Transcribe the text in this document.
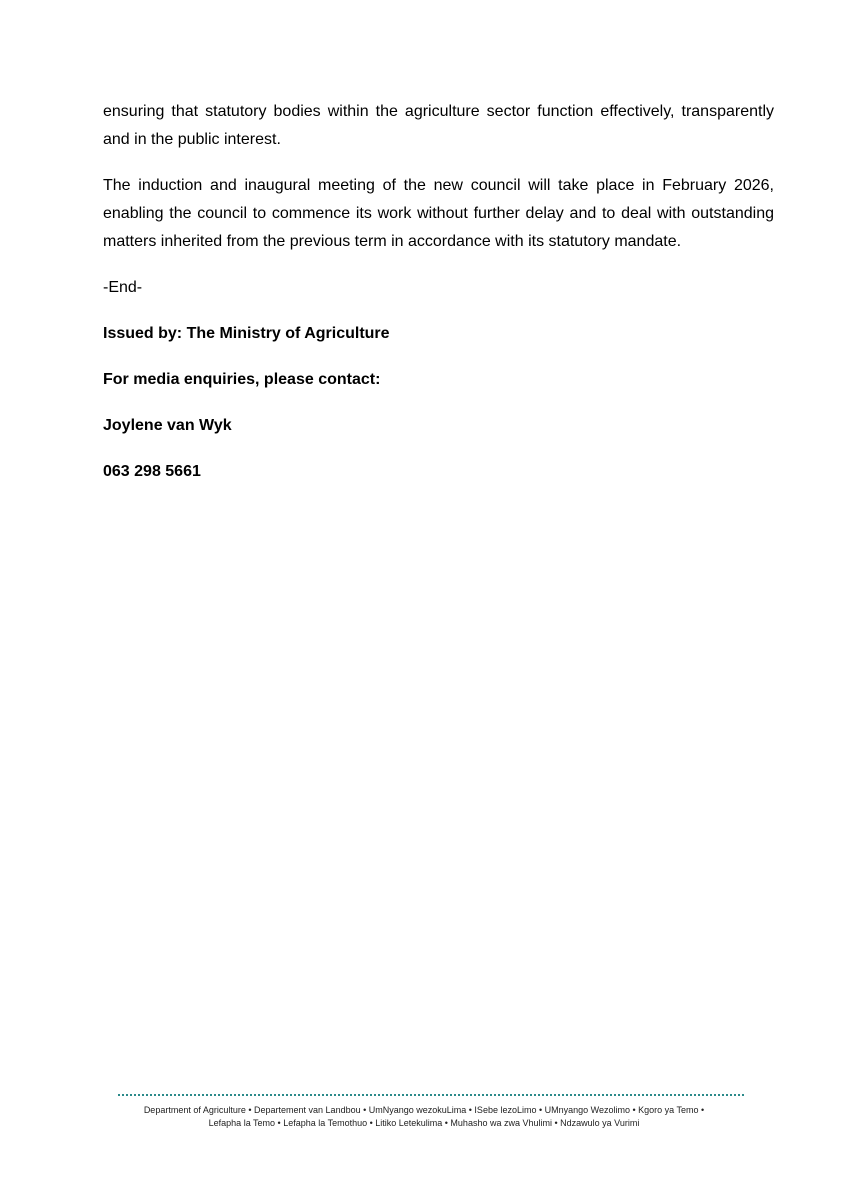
ensuring that statutory bodies within the agriculture sector function effectively, transparently and in the public interest.

The induction and inaugural meeting of the new council will take place in February 2026, enabling the council to commence its work without further delay and to deal with outstanding matters inherited from the previous term in accordance with its statutory mandate.

-End-

Issued by: The Ministry of Agriculture

For media enquiries, please contact:

Joylene van Wyk

063 298 5661

Department of Agriculture • Departement van Landbou • UmNyango wezokuLima • ISebe lezoLimo • UMnyango Wezolimo • Kgoro ya Temo •
Lefapha la Temo • Lefapha la Temothuo • Litiko Letekulima • Muhasho wa zwa Vhulimi • Ndzawulo ya Vurimi
